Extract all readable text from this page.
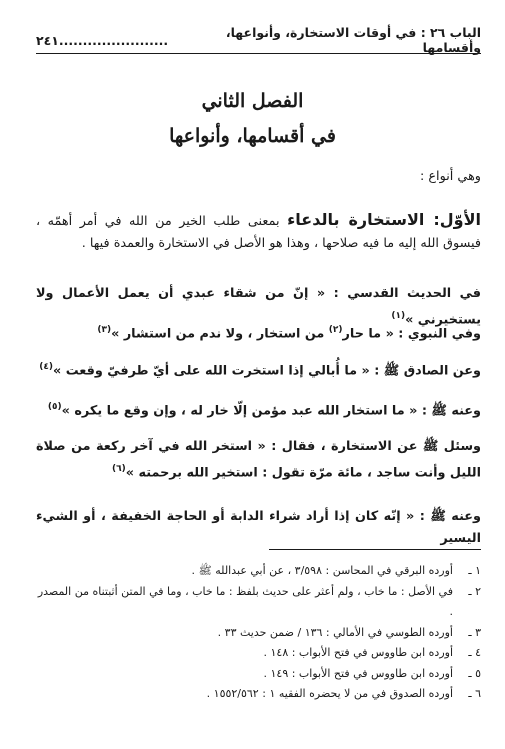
الباب ٢٦ : في أوقات الاستخارة، وأنواعها، وأقسامها
.......................
٢٤١
الفصل الثاني
في أقسامها، وأنواعها
وهي أنواع :
الأوّل: الاستخارة بالدعاء بمعنى طلب الخير من الله في أمر أهمّه ، فيسوق الله إليه ما فيه صلاحها ، وهذا هو الأصل في الاستخارة والعمدة فيها .
في الحديث القدسي : « إنّ من شقاء عبدي أن يعمل الأعمال ولا يستخيرني »$^{(١)}$
وفي النبوي : « ما حار$^{(٢)}$ من استخار ، ولا ندم من استشار »$^{(٣)}$
وعن الصادق ﷺ : « ما أُبالي إذا استخرت الله على أيّ طرفيّ وقعت »$^{(٤)}$
وعنه ﷺ : « ما استخار الله عبد مؤمن إلّا خار له ، وإن وقع ما يكره »$^{(٥)}$
وسئل ﷺ عن الاستخارة ، فقال : « استخر الله في آخر ركعة من صلاة الليل وأنت ساجد ، مائة مرّة تقول : استخير الله برحمته »$^{(٦)}$
وعنه ﷺ : « إنّه كان إذا أراد شراء الدابة أو الحاجة الخفيفة ، أو الشيء اليسير
١ ـ
أورده البرقي في المحاسن : ٣/٥٩٨ ، عن أبي عبدالله ﷺ .
٢ ـ
في الأصل : ما خاب ، ولم أعثر على حديث بلفظ : ما خاب ، وما في المتن أثبتناه من المصدر .
٣ ـ
أورده الطوسي في الأمالي : ١٣٦ / ضمن حديث ٣٣ .
٤ ـ
أورده ابن طاووس في فتح الأبواب : ١٤٨ .
٥ ـ
أورده ابن طاووس في فتح الأبواب : ١٤٩ .
٦ ـ
أورده الصدوق في من لا يحضره الفقيه ١ : ١٥٥٢/٥٦٢ .
